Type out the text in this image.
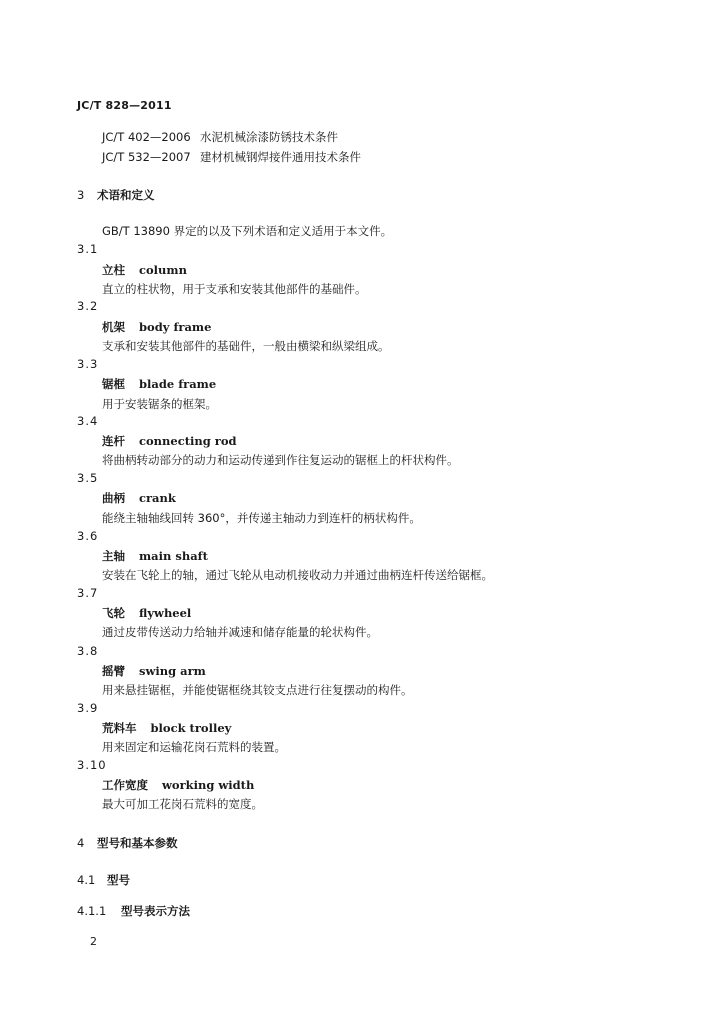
JC/T 828—2011
JC/T 402—2006 水泥机械涂漆防锈技术条件
JC/T 532—2007 建材机械钢焊接件通用技术条件
3 术语和定义
GB/T 13890 界定的以及下列术语和定义适用于本文件。
3.1
立柱 column
直立的柱状物，用于支承和安装其他部件的基础件。
3.2
机架 body frame
支承和安装其他部件的基础件，一般由横梁和纵梁组成。
3.3
锯框 blade frame
用于安装锯条的框架。
3.4
连杆 connecting rod
将曲柄转动部分的动力和运动传递到作往复运动的锯框上的杆状构件。
3.5
曲柄 crank
能绕主轴轴线回转 360°，并传递主轴动力到连杆的柄状构件。
3.6
主轴 main shaft
安装在飞轮上的轴，通过飞轮从电动机接收动力并通过曲柄连杆传送给锯框。
3.7
飞轮 flywheel
通过皮带传送动力给轴并减速和储存能量的轮状构件。
3.8
摇臂 swing arm
用来悬挂锯框，并能使锯框绕其铰支点进行往复摆动的构件。
3.9
荒料车 block trolley
用来固定和运输花岗石荒料的装置。
3.10
工作宽度 working width
最大可加工花岗石荒料的宽度。
4 型号和基本参数
4.1 型号
4.1.1 型号表示方法
2
